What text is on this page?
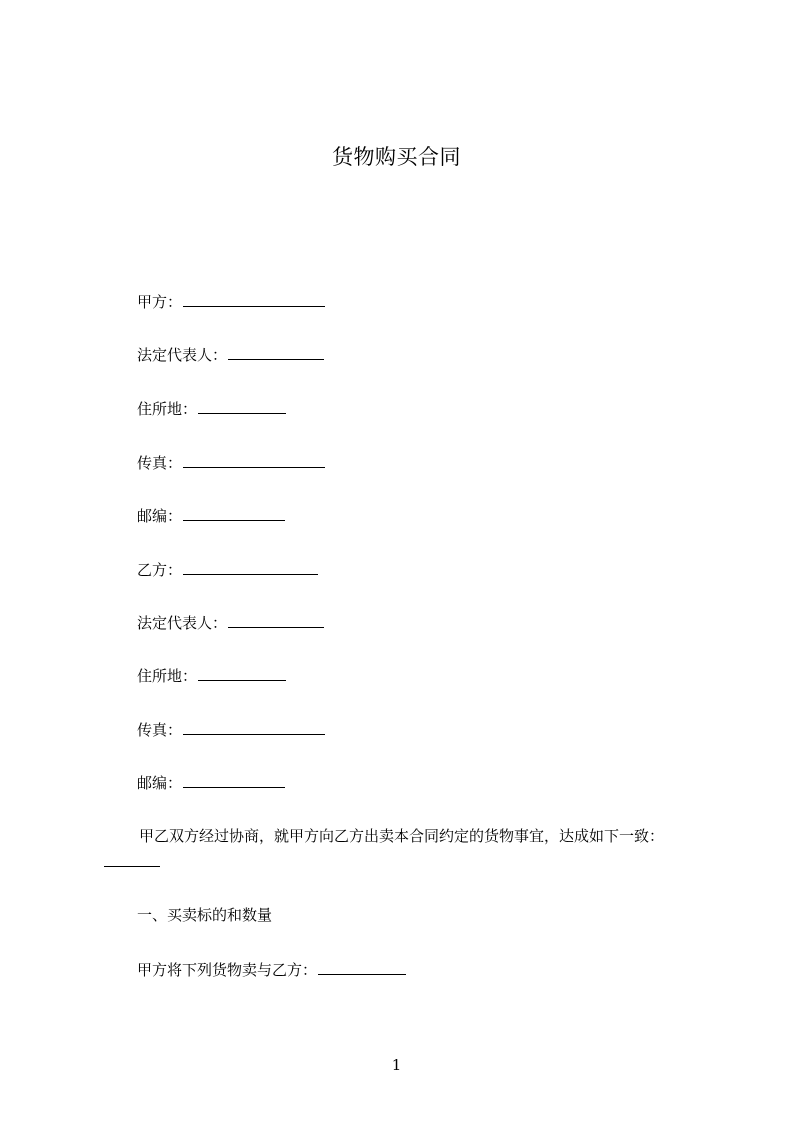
货物购买合同
甲方：
法定代表人：
住所地：
传真：
邮编：
乙方：
法定代表人：
住所地：
传真：
邮编：
甲乙双方经过协商，就甲方向乙方出卖本合同约定的货物事宜，达成如下一致：
一、买卖标的和数量
甲方将下列货物卖与乙方：
1
